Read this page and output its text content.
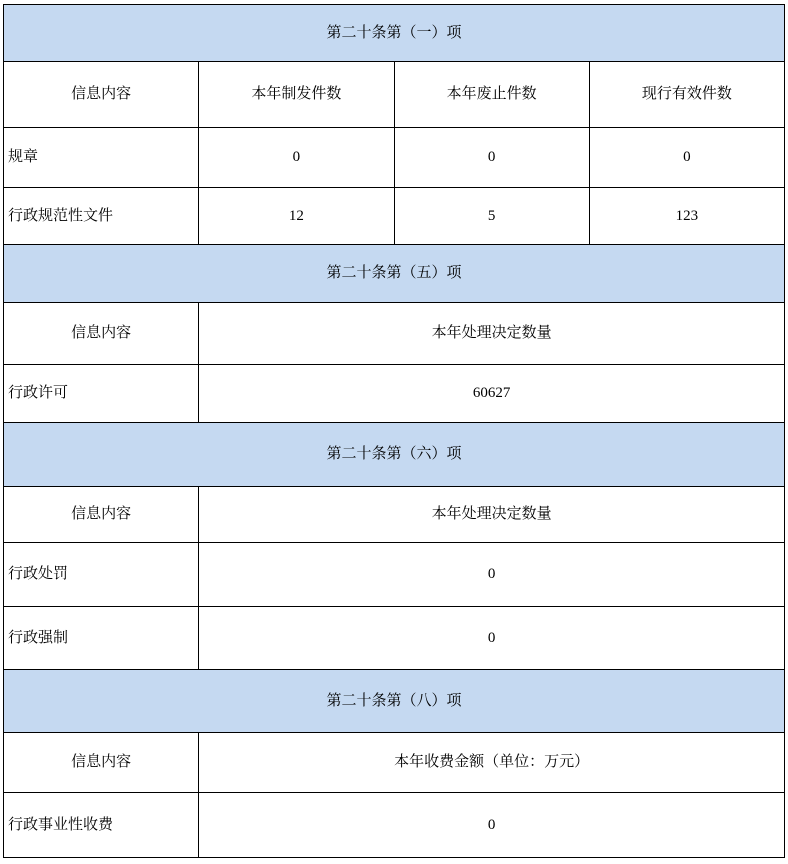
第二十条第（一）项			
信息内容	本年制发件数	本年废止件数	现行有效件数
规章	0	0	0
行政规范性文件	12	5	123
第二十条第（五）项			
信息内容	本年处理决定数量		
行政许可	60627		
第二十条第（六）项			
信息内容	本年处理决定数量		
行政处罚	0		
行政强制	0		
第二十条第（八）项			
信息内容	本年收费金额（单位：万元）		
行政事业性收费	0		
